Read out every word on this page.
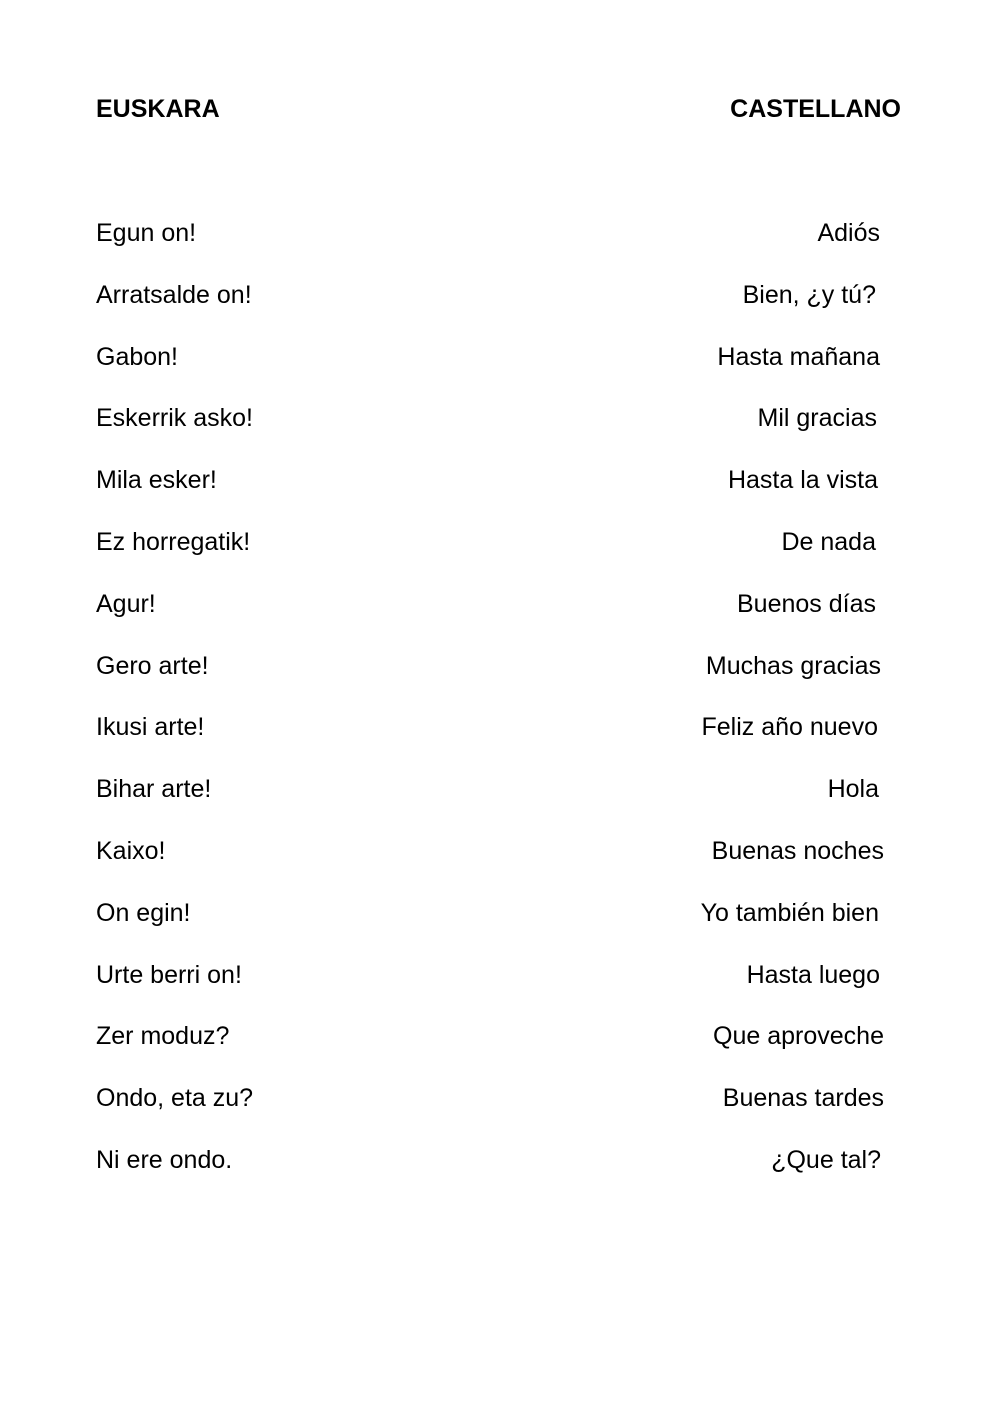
EUSKARA	CASTELLANO
Egun on!
Arratsalde on!
Gabon!
Eskerrik asko!
Mila esker!
Ez horregatik!
Agur!
Gero arte!
Ikusi arte!
Bihar arte!
Kaixo!
On egin!
Urte berri on!
Zer moduz?
Ondo, eta zu?
Ni ere ondo.
Adiós
Bien, ¿y tú?
Hasta mañana
Mil gracias
Hasta la vista
De nada
Buenos días
Muchas gracias
Feliz año nuevo
Hola
Buenas noches
Yo también bien
Hasta luego
Que aproveche
Buenas tardes
¿Que tal?
